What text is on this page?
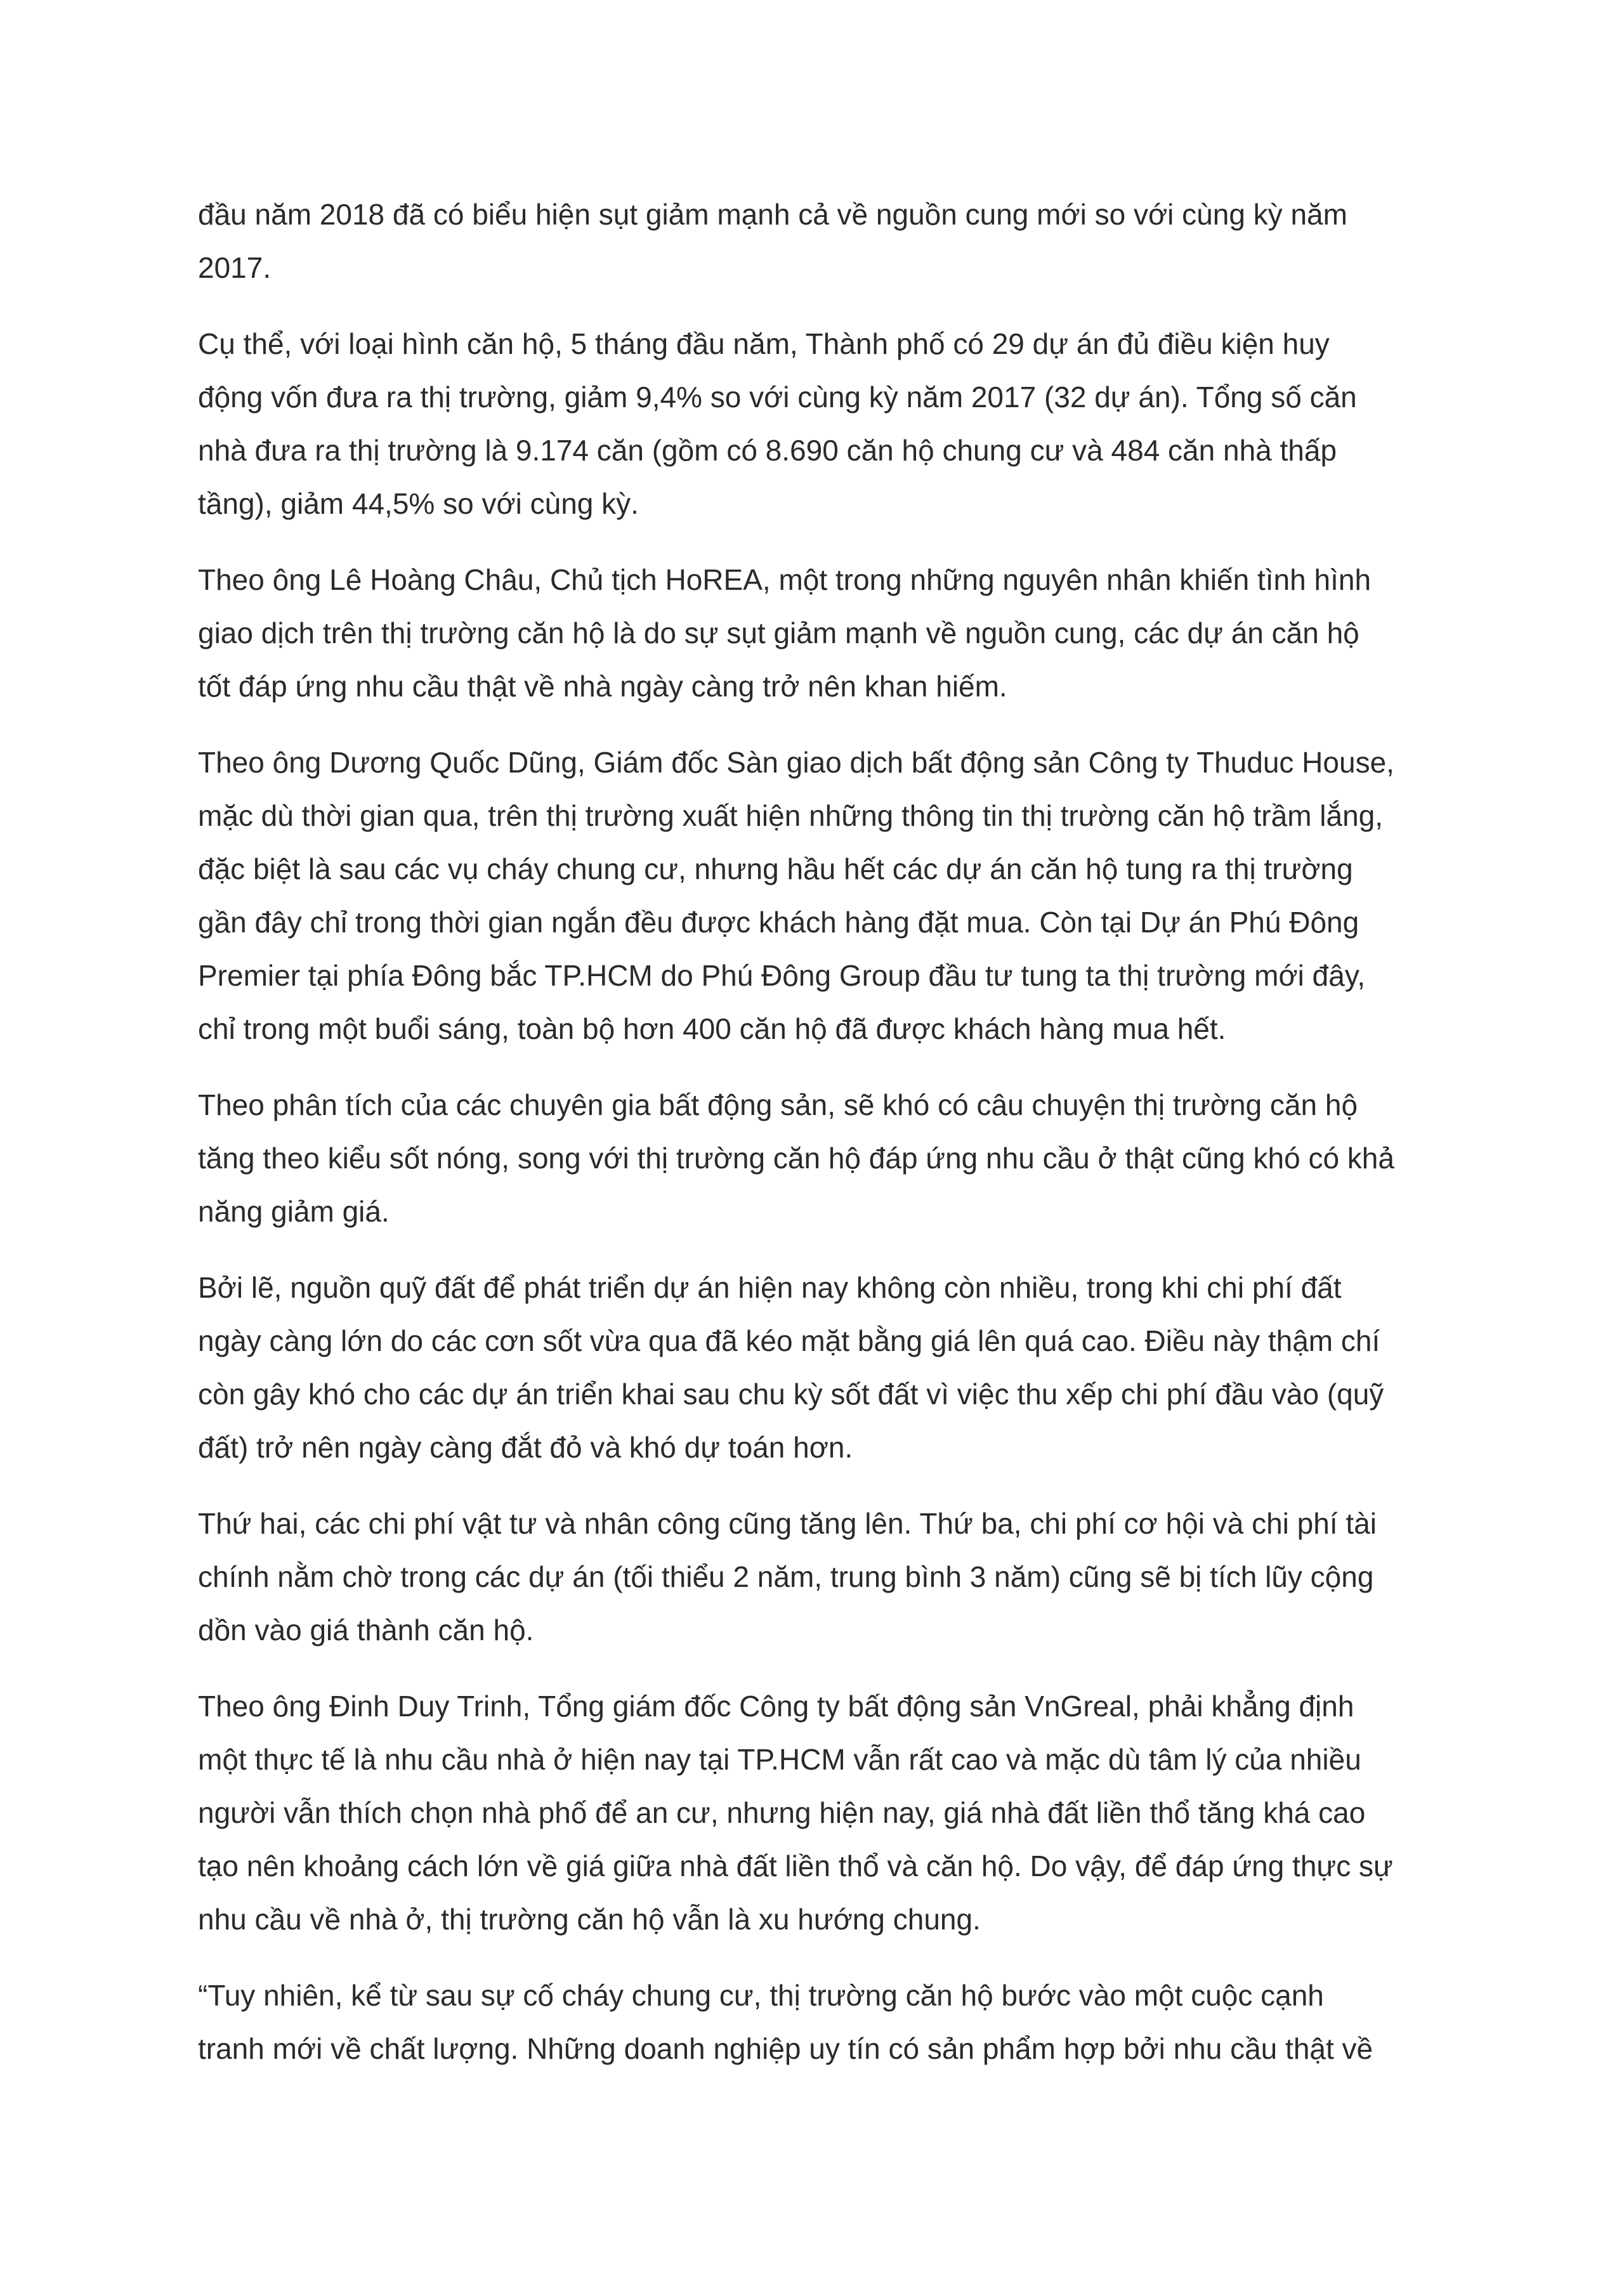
đầu năm 2018 đã có biểu hiện sụt giảm mạnh cả về nguồn cung mới so với cùng kỳ năm
2017.

Cụ thể, với loại hình căn hộ, 5 tháng đầu năm, Thành phố có 29 dự án đủ điều kiện huy
động vốn đưa ra thị trường, giảm 9,4% so với cùng kỳ năm 2017 (32 dự án). Tổng số căn
nhà đưa ra thị trường là 9.174 căn (gồm có 8.690 căn hộ chung cư và 484 căn nhà thấp
tầng), giảm 44,5% so với cùng kỳ.

Theo ông Lê Hoàng Châu, Chủ tịch HoREA, một trong những nguyên nhân khiến tình hình
giao dịch trên thị trường căn hộ là do sự sụt giảm mạnh về nguồn cung, các dự án căn hộ
tốt đáp ứng nhu cầu thật về nhà ngày càng trở nên khan hiếm.

Theo ông Dương Quốc Dũng, Giám đốc Sàn giao dịch bất động sản Công ty Thuduc House,
mặc dù thời gian qua, trên thị trường xuất hiện những thông tin thị trường căn hộ trầm lắng,
đặc biệt là sau các vụ cháy chung cư, nhưng hầu hết các dự án căn hộ tung ra thị trường
gần đây chỉ trong thời gian ngắn đều được khách hàng đặt mua. Còn tại Dự án Phú Đông
Premier tại phía Đông bắc TP.HCM do Phú Đông Group đầu tư tung ta thị trường mới đây,
chỉ trong một buổi sáng, toàn bộ hơn 400 căn hộ đã được khách hàng mua hết.

Theo phân tích của các chuyên gia bất động sản, sẽ khó có câu chuyện thị trường căn hộ
tăng theo kiểu sốt nóng, song với thị trường căn hộ đáp ứng nhu cầu ở thật cũng khó có khả
năng giảm giá.

Bởi lẽ, nguồn quỹ đất để phát triển dự án hiện nay không còn nhiều, trong khi chi phí đất
ngày càng lớn do các cơn sốt vừa qua đã kéo mặt bằng giá lên quá cao. Điều này thậm chí
còn gây khó cho các dự án triển khai sau chu kỳ sốt đất vì việc thu xếp chi phí đầu vào (quỹ
đất) trở nên ngày càng đắt đỏ và khó dự toán hơn.

Thứ hai, các chi phí vật tư và nhân công cũng tăng lên. Thứ ba, chi phí cơ hội và chi phí tài
chính nằm chờ trong các dự án (tối thiểu 2 năm, trung bình 3 năm) cũng sẽ bị tích lũy cộng
dồn vào giá thành căn hộ.

Theo ông Đinh Duy Trinh, Tổng giám đốc Công ty bất động sản VnGreal, phải khẳng định
một thực tế là nhu cầu nhà ở hiện nay tại TP.HCM vẫn rất cao và mặc dù tâm lý của nhiều
người vẫn thích chọn nhà phố để an cư, nhưng hiện nay, giá nhà đất liền thổ tăng khá cao
tạo nên khoảng cách lớn về giá giữa nhà đất liền thổ và căn hộ. Do vậy, để đáp ứng thực sự
nhu cầu về nhà ở, thị trường căn hộ vẫn là xu hướng chung.

“Tuy nhiên, kể từ sau sự cố cháy chung cư, thị trường căn hộ bước vào một cuộc cạnh
tranh mới về chất lượng. Những doanh nghiệp uy tín có sản phẩm hợp bởi nhu cầu thật về
